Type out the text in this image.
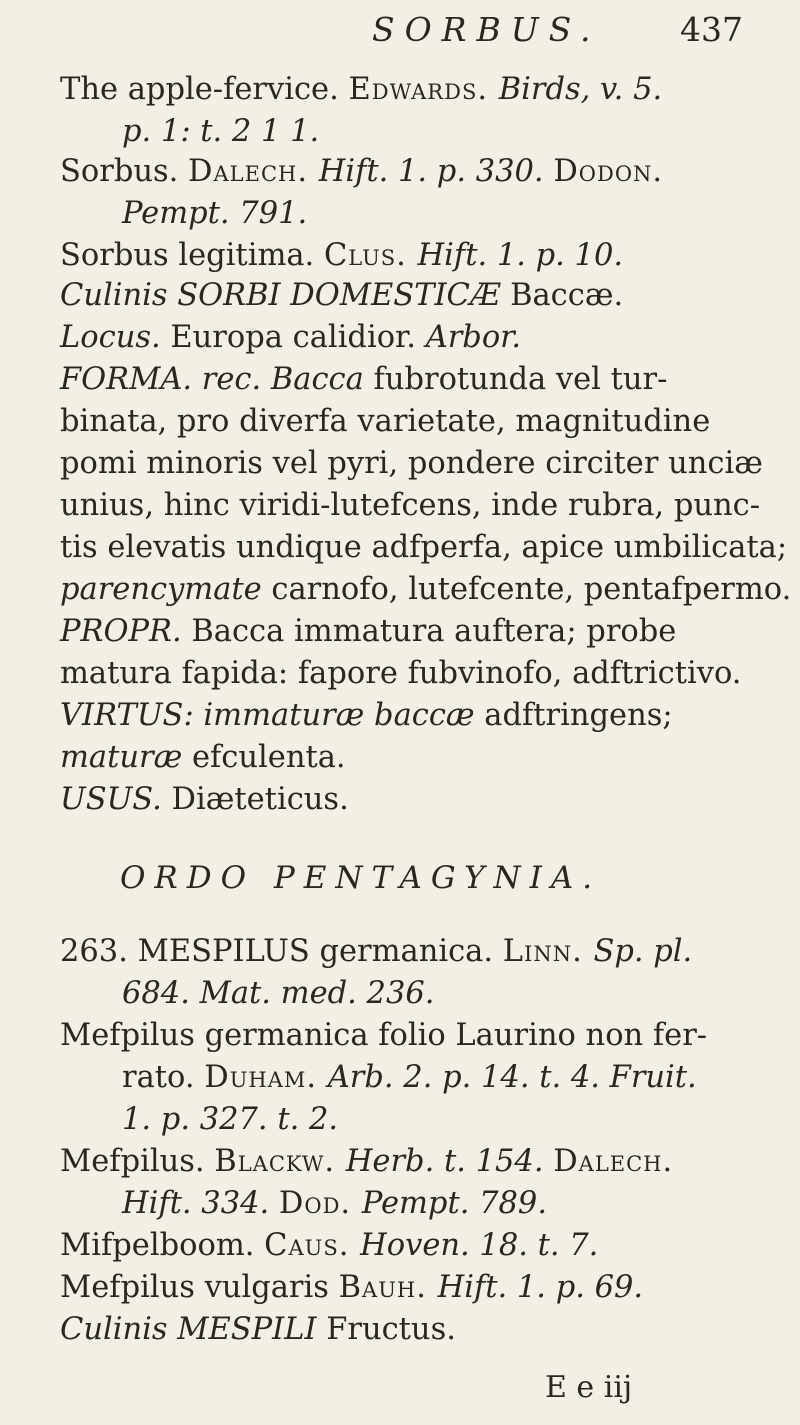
SORBUS. 437
The apple-fervice. Edwards. Birds, v. 5.
p. 1: t. 2 1 1.
Sorbus. Dalech. Hift. 1. p. 330. Dodon.
Pempt. 791.
Sorbus legitima. Clus. Hift. 1. p. 10.
Culinis SORBI DOMESTICÆ Baccæ.
Locus. Europa calidior. Arbor.
FORMA. rec. Bacca fubrotunda vel tur-
binata, pro diverfa varietate, magnitudine
pomi minoris vel pyri, pondere circiter unciæ
unius, hinc viridi-lutefcens, inde rubra, punc-
tis elevatis undique adfperfa, apice umbilicata;
parencymate carnofo, lutefcente, pentafpermo.
PROPR. Bacca immatura auftera; probe
matura fapida: fapore fubvinofo, adftrictivo.
VIRTUS: immaturæ baccæ adftringens;
maturæ efculenta.
USUS. Diæteticus.
ORDO PENTAGYNIA.
263. MESPILUS germanica. Linn. Sp. pl.
684. Mat. med. 236.
Mefpilus germanica folio Laurino non fer-
rato. Duham. Arb. 2. p. 14. t. 4. Fruit.
1. p. 327. t. 2.
Mefpilus. Blackw. Herb. t. 154. Dalech.
Hift. 334. Dod. Pempt. 789.
Mifpelboom. Caus. Hoven. 18. t. 7.
Mefpilus vulgaris Bauh. Hift. 1. p. 69.
Culinis MESPILI Fructus.
E e iij
